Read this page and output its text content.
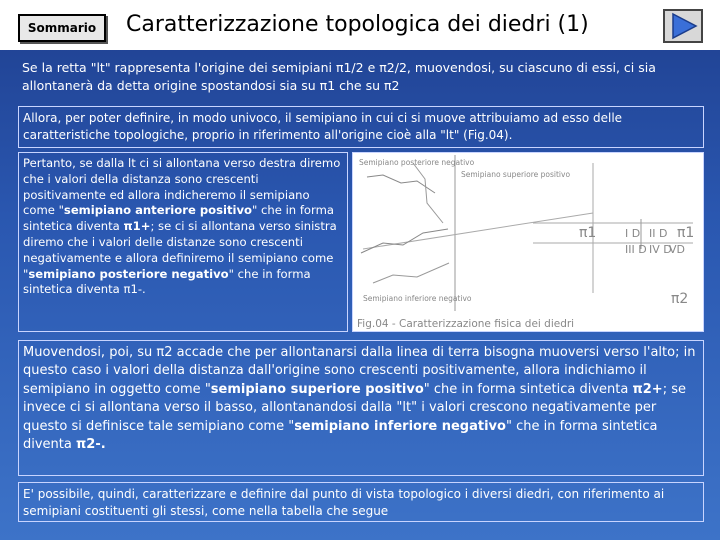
Sommario	Caratterizzazione topologica dei diedri (1)
Se la retta "lt" rappresenta l'origine dei semipiani π1/2 e π2/2, muovendosi, su ciascuno di essi, ci sia allontanerà da detta origine spostandosi sia su π1 che su π2
Allora, per poter definire, in modo univoco, il semipiano in cui ci si muove attribuiamo ad esso delle caratteristiche topologiche, proprio in riferimento all'origine cioè alla "lt" (Fig.04).
Pertanto, se dalla lt ci si allontana verso destra diremo che i valori della distanza sono crescenti positivamente ed allora indicheremo il semipiano come "semipiano anteriore positivo" che in forma sintetica diventa π1+; se ci si allontana verso sinistra diremo che i valori delle distanze sono crescenti negativamente e allora definiremo il semipiano come "semipiano posteriore negativo" che in forma sintetica diventa π1-.
Semipiano posteriore negativo
Semipiano superiore positivo
Semipiano inferiore negativo
π1	π1
π2
II D
IV D
I D
III D VD
Fig.04 - Caratterizzazione fisica dei diedri
Muovendosi, poi, su π2 accade che per allontanarsi dalla linea di terra bisogna muoversi verso l'alto; in questo caso i valori della distanza dall'origine sono crescenti positivamente, allora indichiamo il semipiano in oggetto come "semipiano superiore positivo" che in forma sintetica diventa π2+; se invece ci si allontana verso il basso, allontanandosi dalla "lt" i valori crescono negativamente per questo si definisce tale semipiano come "semipiano inferiore negativo" che in forma sintetica diventa π2-.
E' possibile, quindi, caratterizzare e definire dal punto di vista topologico i diversi diedri, con riferimento ai semipiani costituenti gli stessi, come nella tabella che segue
